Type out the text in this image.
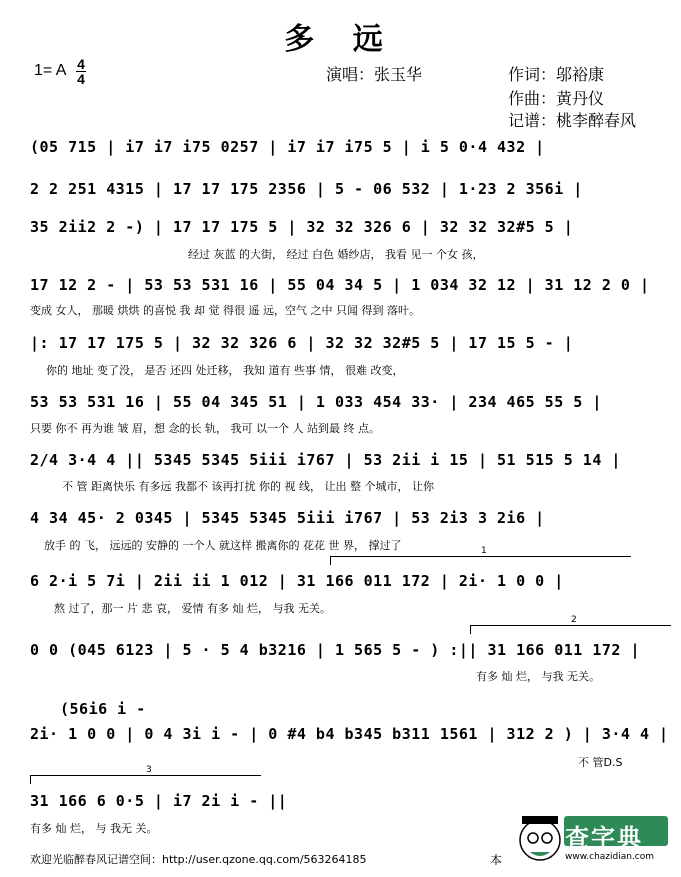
多 远
1= A 4
4	演唱：张玉华	作词：邬裕康
作曲：黄丹仪
记谱：桃李醉春风
(05 715 | i7 i7 i75 0257 | i7 i7 i75 5 | i 5 0·4 432 |
2 2 251 4315 | 17 17 175 2356 | 5 - 06 532 | 1·23 2 356i |
35 2ii2 2 -) | 17 17 175 5 | 32 32 326 6 | 32 32 32#5 5 |
经过 灰蓝 的大街， 经过 白色 婚纱店， 我看 见一 个女 孩，
17 12 2 - | 53 53 531 16 | 55 04 34 5 | 1 034 32 12 | 31 12 2 0 |
变成 女人， 那暖 烘烘 的喜悦 我 却 觉 得很 遥 远，空气 之中 只闻 得到 落叶。
|: 17 17 175 5 | 32 32 326 6 | 32 32 32#5 5 | 17 15 5 - |
你的 地址 变了没， 是否 还四 处迁移， 我知 道有 些事 情， 很难 改变，
53 53 531 16 | 55 04 345 51 | 1 033 454 33· | 234 465 55 5 |
只要 你不 再为谁 皱 眉，想 念的长 轨， 我可 以一个 人 站到最 终 点。
2/4 3·4 4 || 5345 5345 5iii i767 | 53 2ii i 15 | 51 515 5 14 |
不 管 距离快乐 有多远 我都不 该再打扰 你的 视 线， 让出 整 个城市， 让你
4 34 45· 2 0345 | 5345 5345 5iii i767 | 53 2i3 3 2i6 |
放手 的 飞， 远远的 安静的 一个人 就这样 搬离你的 花花 世 界， 撑过了	1
6 2·i 5 7i | 2ii ii 1 012 | 31 166 011 172 | 2i· 1 0 0 |
熬 过了，那一 片 悲 哀， 爱情 有多 灿 烂， 与我 无关。
2
0 0 (045 6123 | 5 · 5 4 b3216 | 1 565 5 - ) :|| 31 166 011 172 |
有多 灿 烂， 与我 无关。
(56i6 i -
2i· 1 0 0 | 0 4 3i i - | 0 #4 b4 b345 b311 1561 | 312 2 ) | 3·4 4 |
不 管D.S
3
31 166 6 0·5 | i7 2i i - ||
有多 灿 烂， 与 我无 关。
欢迎光临醉春风记谱空间：http://user.qzone.qq.com/563264185	本
查字典
www.chazidian.com
